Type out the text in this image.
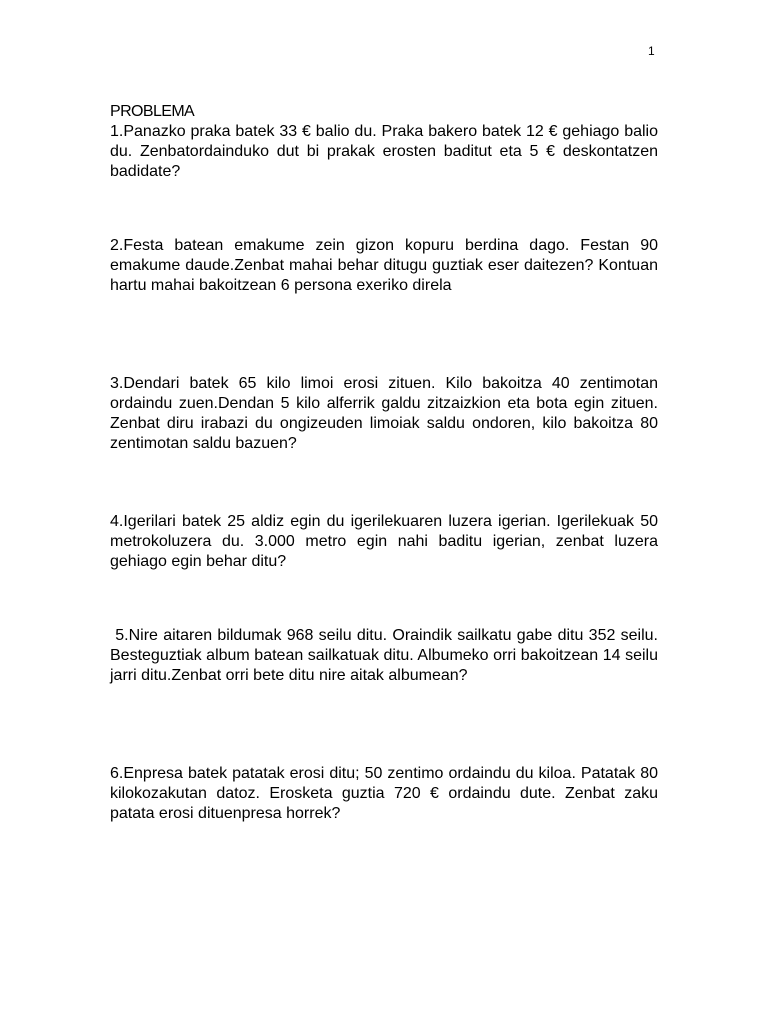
1
PROBLEMA

1.Panazko praka batek 33 € balio du. Praka bakero batek 12 € gehiago balio du. Zenbatordainduko dut bi prakak erosten baditut eta 5 € deskontatzen badidate?

2.Festa batean emakume zein gizon kopuru berdina dago. Festan 90 emakume daude.Zenbat mahai behar ditugu guztiak eser daitezen? Kontuan hartu mahai bakoitzean 6 persona exeriko direla

3.Dendari batek 65 kilo limoi erosi zituen. Kilo bakoitza 40 zentimotan ordaindu zuen.Dendan 5 kilo alferrik galdu zitzaizkion eta bota egin zituen. Zenbat diru irabazi du ongizeuden limoiak saldu ondoren, kilo bakoitza 80 zentimotan saldu bazuen?

4.Igerilari batek 25 aldiz egin du igerilekuaren luzera igerian. Igerilekuak 50 metrokoluzera du. 3.000 metro egin nahi baditu igerian, zenbat luzera gehiago egin behar ditu?

5.Nire aitaren bildumak 968 seilu ditu. Oraindik sailkatu gabe ditu 352 seilu. Besteguztiak album batean sailkatuak ditu. Albumeko orri bakoitzean 14 seilu jarri ditu.Zenbat orri bete ditu nire aitak albumean?

6.Enpresa batek patatak erosi ditu; 50 zentimo ordaindu du kiloa. Patatak 80 kilokozakutan datoz. Erosketa guztia 720 € ordaindu dute. Zenbat zaku patata erosi dituenpresa horrek?
